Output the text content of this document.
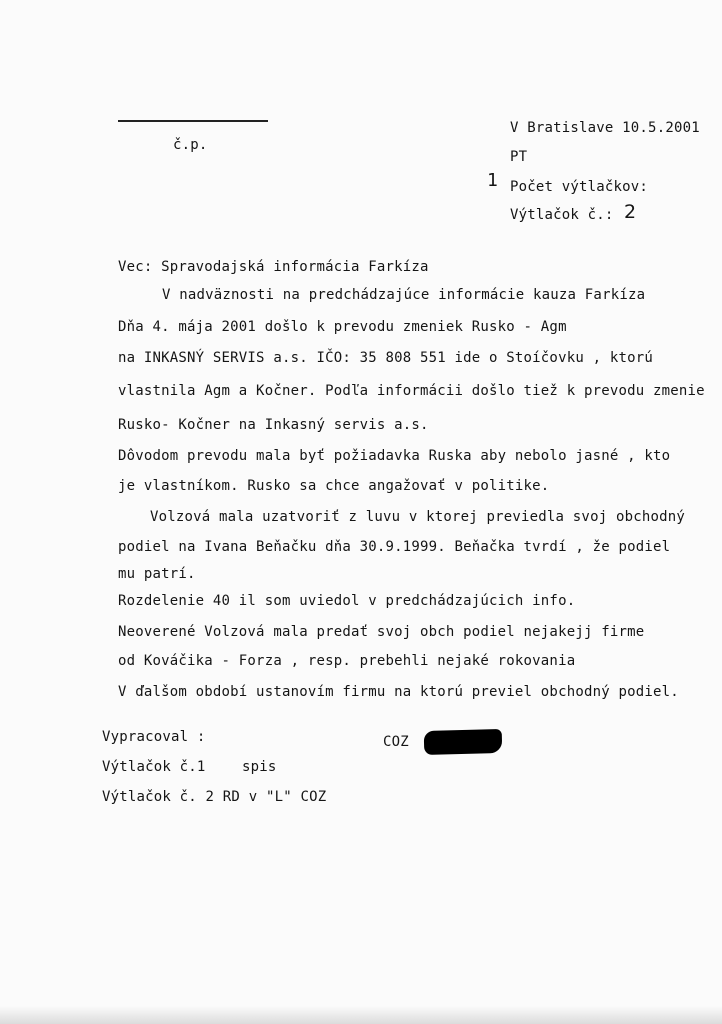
č.p.
V Bratislave 10.5.2001
PT
1 Počet výtlačkov:
Výtlačok č.: 2
Vec: Spravodajská informácia Farkíza
V nadväznosti na predchádzajúce informácie kauza Farkíza
Dňa 4. mája 2001 došlo k prevodu zmeniek Rusko - Agm
na INKASNÝ SERVIS a.s. IČO: 35 808 551 ide o Stoíčovku , ktorú
vlastnila Agm a Kočner. Podľa informácii došlo tiež k prevodu zmenie
Rusko- Kočner na Inkasný servis a.s.
Dôvodom prevodu mala byť požiadavka Ruska aby nebolo jasné , kto
je vlastníkom. Rusko sa chce angažovať v politike.
Volzová mala uzatvoriť z luvu v ktorej previedla svoj obchodný
podiel na Ivana Beňačku dňa 30.9.1999. Beňačka tvrdí , že podiel
mu patrí.
Rozdelenie 40 il som uviedol v predchádzajúcich info.
Neoverené Volzová mala predať svoj obch podiel nejakejj firme
od Kováčika - Forza , resp. prebehli nejaké rokovania
V ďalšom období ustanovím firmu na ktorú previel obchodný podiel.
Vypracoval :	COZ
Výtlačok č.1	spis
Výtlačok č. 2 RD v "L" COZ
